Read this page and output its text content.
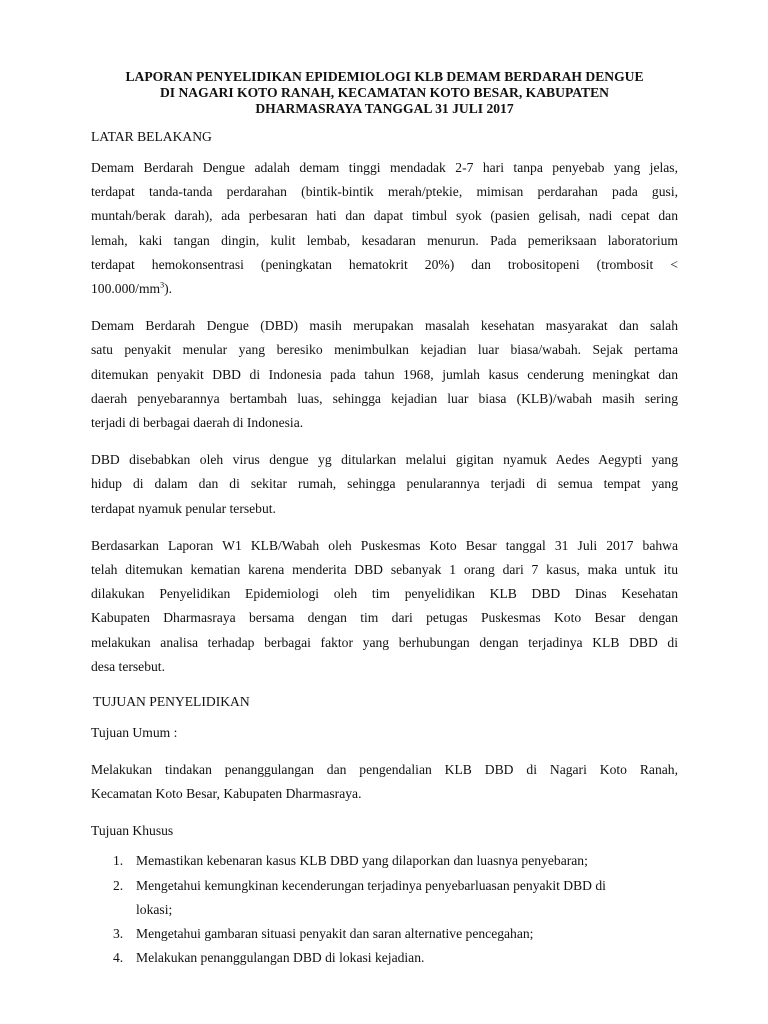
LAPORAN PENYELIDIKAN EPIDEMIOLOGI KLB DEMAM BERDARAH DENGUE
DI NAGARI KOTO RANAH, KECAMATAN KOTO BESAR, KABUPATEN
DHARMASRAYA TANGGAL 31 JULI 2017
LATAR BELAKANG

Demam Berdarah Dengue adalah demam tinggi mendadak 2-7 hari tanpa penyebab yang jelas,
terdapat tanda-tanda perdarahan (bintik-bintik merah/ptekie, mimisan perdarahan pada gusi,
muntah/berak darah), ada perbesaran hati dan dapat timbul syok (pasien gelisah, nadi cepat dan
lemah, kaki tangan dingin, kulit lembab, kesadaran menurun. Pada pemeriksaan laboratorium
terdapat hemokonsentrasi (peningkatan hematokrit 20%) dan trobositopeni (trombosit <
$100.000/mm^3$).

Demam Berdarah Dengue (DBD) masih merupakan masalah kesehatan masyarakat dan salah
satu penyakit menular yang beresiko menimbulkan kejadian luar biasa/wabah. Sejak pertama
ditemukan penyakit DBD di Indonesia pada tahun 1968, jumlah kasus cenderung meningkat dan
daerah penyebarannya bertambah luas, sehingga kejadian luar biasa (KLB)/wabah masih sering
terjadi di berbagai daerah di Indonesia.

DBD disebabkan oleh virus dengue yg ditularkan melalui gigitan nyamuk Aedes Aegypti yang
hidup di dalam dan di sekitar rumah, sehingga penularannya terjadi di semua tempat yang
terdapat nyamuk penular tersebut.

Berdasarkan Laporan W1 KLB/Wabah oleh Puskesmas Koto Besar tanggal 31 Juli 2017 bahwa
telah ditemukan kematian karena menderita DBD sebanyak 1 orang dari 7 kasus, maka untuk itu
dilakukan Penyelidikan Epidemiologi oleh tim penyelidikan KLB DBD Dinas Kesehatan
Kabupaten Dharmasraya bersama dengan tim dari petugas Puskesmas Koto Besar dengan
melakukan analisa terhadap berbagai faktor yang berhubungan dengan terjadinya KLB DBD di
desa tersebut.

TUJUAN PENYELIDIKAN
Tujuan Umum :

Melakukan tindakan penanggulangan dan pengendalian KLB DBD di Nagari Koto Ranah,
Kecamatan Koto Besar, Kabupaten Dharmasraya.

Tujuan Khusus
1. Memastikan kebenaran kasus KLB DBD yang dilaporkan dan luasnya penyebaran;
2. Mengetahui kemungkinan kecenderungan terjadinya penyebarluasan penyakit DBD di
lokasi;
3. Mengetahui gambaran situasi penyakit dan saran alternative pencegahan;
4. Melakukan penanggulangan DBD di lokasi kejadian.
